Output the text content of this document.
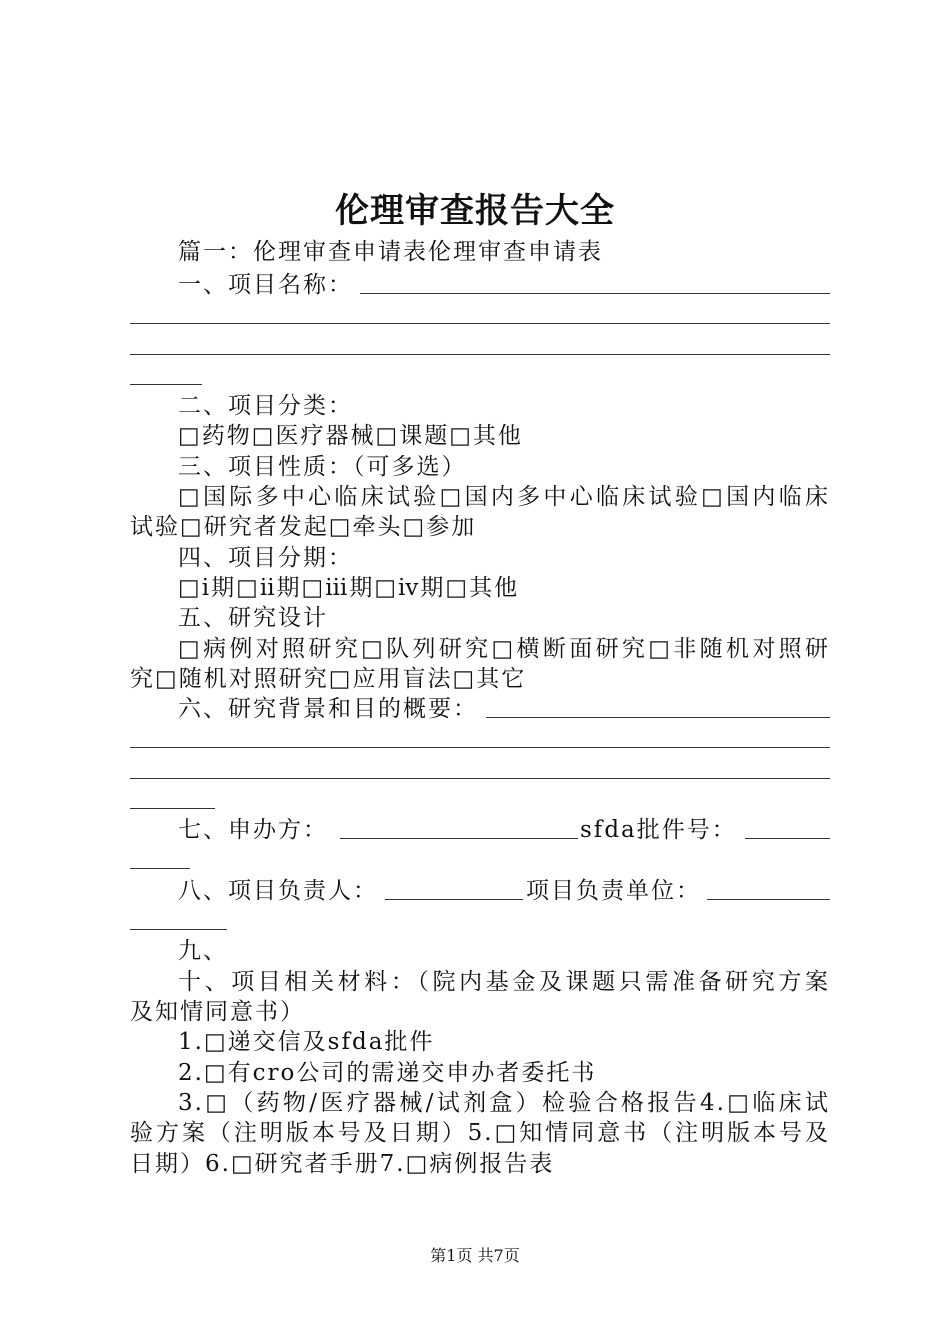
伦理审查报告大全
篇一：伦理审查申请表伦理审查申请表
一、项目名称：
二、项目分类：
□药物□医疗器械□课题□其他
三、项目性质：（可多选）
□国际多中心临床试验□国内多中心临床试验□国内临床
试验□研究者发起□牵头□参加
四、项目分期：
□ⅰ期□ⅱ期□ⅲ期□ⅳ期□其他
五、研究设计
□病例对照研究□队列研究□横断面研究□非随机对照研
究□随机对照研究□应用盲法□其它
六、研究背景和目的概要：
七、申办方：	sfda批件号：
八、项目负责人：	项目负责单位：
九、
十、项目相关材料：（院内基金及课题只需准备研究方案
及知情同意书）
1.□递交信及sfda批件
2.□有cro公司的需递交申办者委托书
3.□（药物/医疗器械/试剂盒）检验合格报告4.□临床试
验方案（注明版本号及日期）5.□知情同意书（注明版本号及
日期）6.□研究者手册7.□病例报告表
第1页 共7页
